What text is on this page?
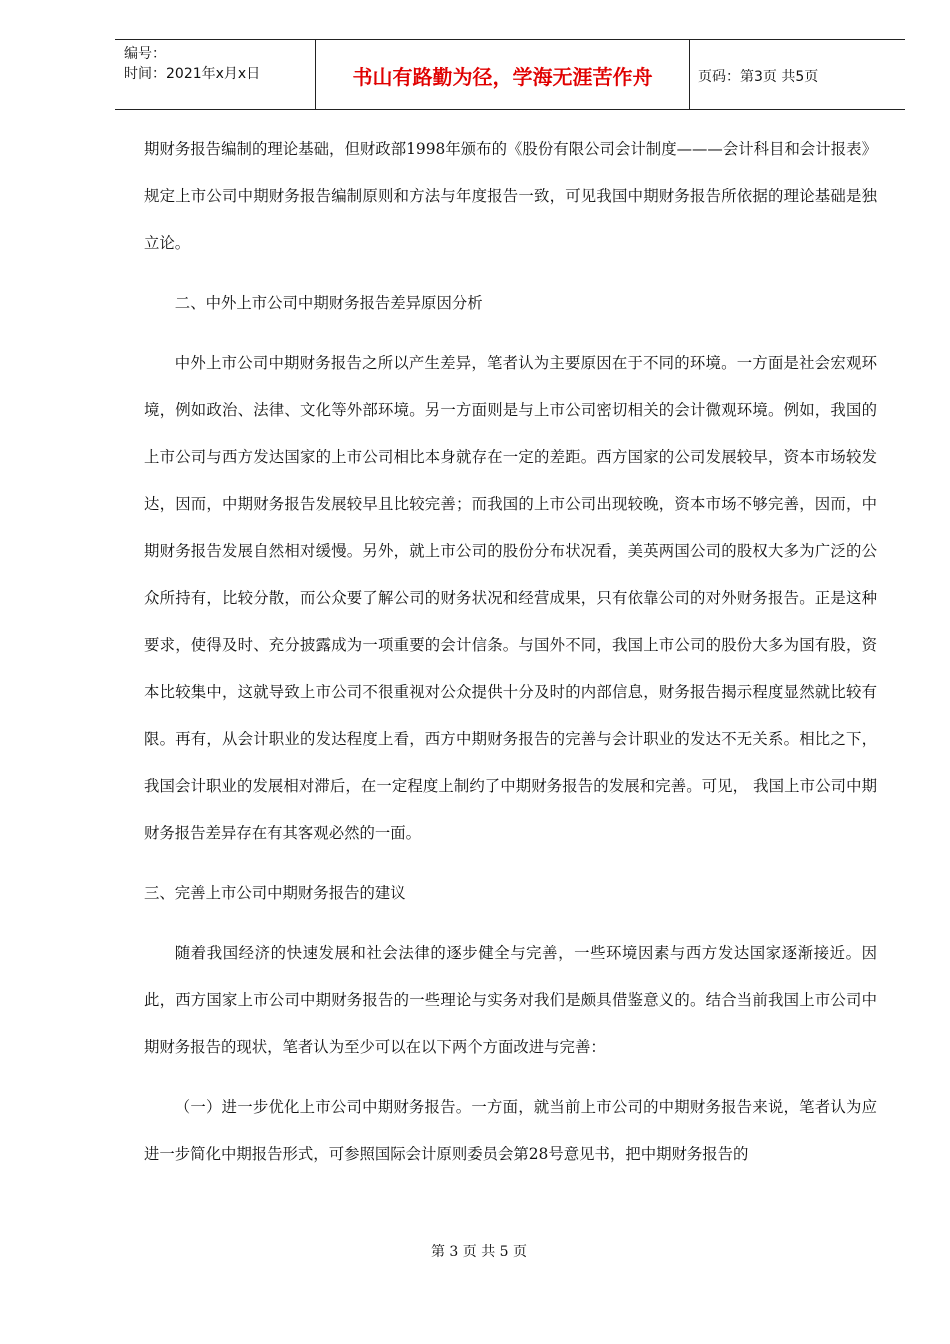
编号：
时间：2021年x月x日	书山有路勤为径，学海无涯苦作舟	页码：第3页 共5页

期财务报告编制的理论基础，但财政部1998年颁布的《股份有限公司会计制度———会计科目和会计报表》规定上市公司中期财务报告编制原则和方法与年度报告一致，可见我国中期财务报告所依据的理论基础是独立论。

二、中外上市公司中期财务报告差异原因分析

中外上市公司中期财务报告之所以产生差异，笔者认为主要原因在于不同的环境。一方面是社会宏观环境，例如政治、法律、文化等外部环境。另一方面则是与上市公司密切相关的会计微观环境。例如，我国的上市公司与西方发达国家的上市公司相比本身就存在一定的差距。西方国家的公司发展较早，资本市场较发达，因而，中期财务报告发展较早且比较完善；而我国的上市公司出现较晚，资本市场不够完善，因而，中期财务报告发展自然相对缓慢。另外，就上市公司的股份分布状况看，美英两国公司的股权大多为广泛的公众所持有，比较分散，而公众要了解公司的财务状况和经营成果，只有依靠公司的对外财务报告。正是这种要求，使得及时、充分披露成为一项重要的会计信条。与国外不同，我国上市公司的股份大多为国有股，资本比较集中，这就导致上市公司不很重视对公众提供十分及时的内部信息，财务报告揭示程度显然就比较有限。再有，从会计职业的发达程度上看，西方中期财务报告的完善与会计职业的发达不无关系。相比之下，我国会计职业的发展相对滞后，在一定程度上制约了中期财务报告的发展和完善。可见， 我国上市公司中期财务报告差异存在有其客观必然的一面。

三、完善上市公司中期财务报告的建议

随着我国经济的快速发展和社会法律的逐步健全与完善，一些环境因素与西方发达国家逐渐接近。因此，西方国家上市公司中期财务报告的一些理论与实务对我们是颇具借鉴意义的。结合当前我国上市公司中期财务报告的现状，笔者认为至少可以在以下两个方面改进与完善：

（一）进一步优化上市公司中期财务报告。一方面，就当前上市公司的中期财务报告来说，笔者认为应进一步简化中期报告形式，可参照国际会计原则委员会第28号意见书，把中期财务报告的

第 3 页 共 5 页
